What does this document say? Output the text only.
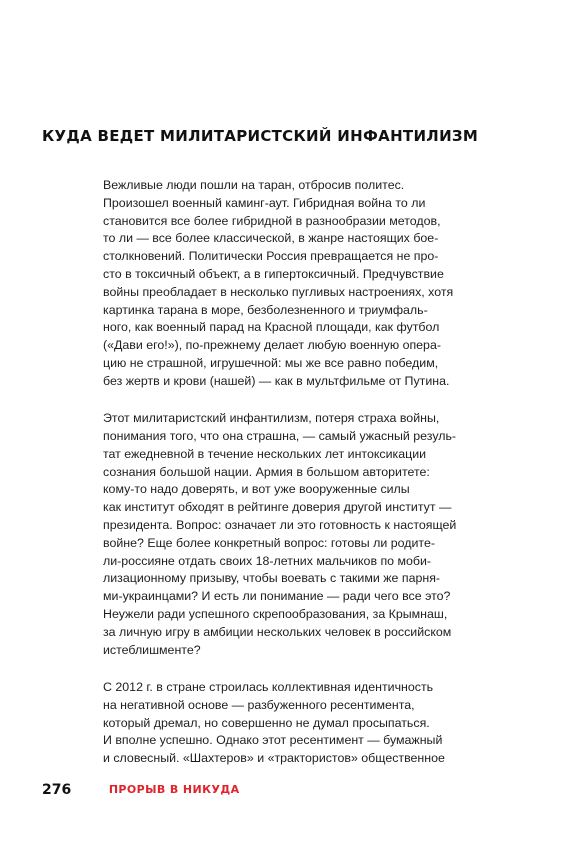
КУДА ВЕДЕТ МИЛИТАРИСТСКИЙ ИНФАНТИЛИЗМ
Вежливые люди пошли на таран, отбросив политес.
Произошел военный каминг-аут. Гибридная война то ли
становится все более гибридной в разнообразии методов,
то ли — все более классической, в жанре настоящих бое-
столкновений. Политически Россия превращается не про-
сто в токсичный объект, а в гипертоксичный. Предчувствие
войны преобладает в несколько пугливых настроениях, хотя
картинка тарана в море, безболезненного и триумфаль-
ного, как военный парад на Красной площади, как футбол
(«Дави его!»), по-прежнему делает любую военную опера-
цию не страшной, игрушечной: мы же все равно победим,
без жертв и крови (нашей) — как в мультфильме от Путина.
Этот милитаристский инфантилизм, потеря страха войны,
понимания того, что она страшна, — самый ужасный резуль-
тат ежедневной в течение нескольких лет интоксикации
сознания большой нации. Армия в большом авторитете:
кому-то надо доверять, и вот уже вооруженные силы
как институт обходят в рейтинге доверия другой институт —
президента. Вопрос: означает ли это готовность к настоящей
войне? Еще более конкретный вопрос: готовы ли родите-
ли-россияне отдать своих 18-летних мальчиков по моби-
лизационному призыву, чтобы воевать с такими же парня-
ми-украинцами? И есть ли понимание — ради чего все это?
Неужели ради успешного скрепообразования, за Крымнаш,
за личную игру в амбиции нескольких человек в российском
истеблишменте?
С 2012 г. в стране строилась коллективная идентичность
на негативной основе — разбуженного ресентимента,
который дремал, но совершенно не думал просыпаться.
И вполне успешно. Однако этот ресентимент — бумажный
и словесный. «Шахтеров» и «трактористов» общественное
276	ПРОРЫВ В НИКУДА
